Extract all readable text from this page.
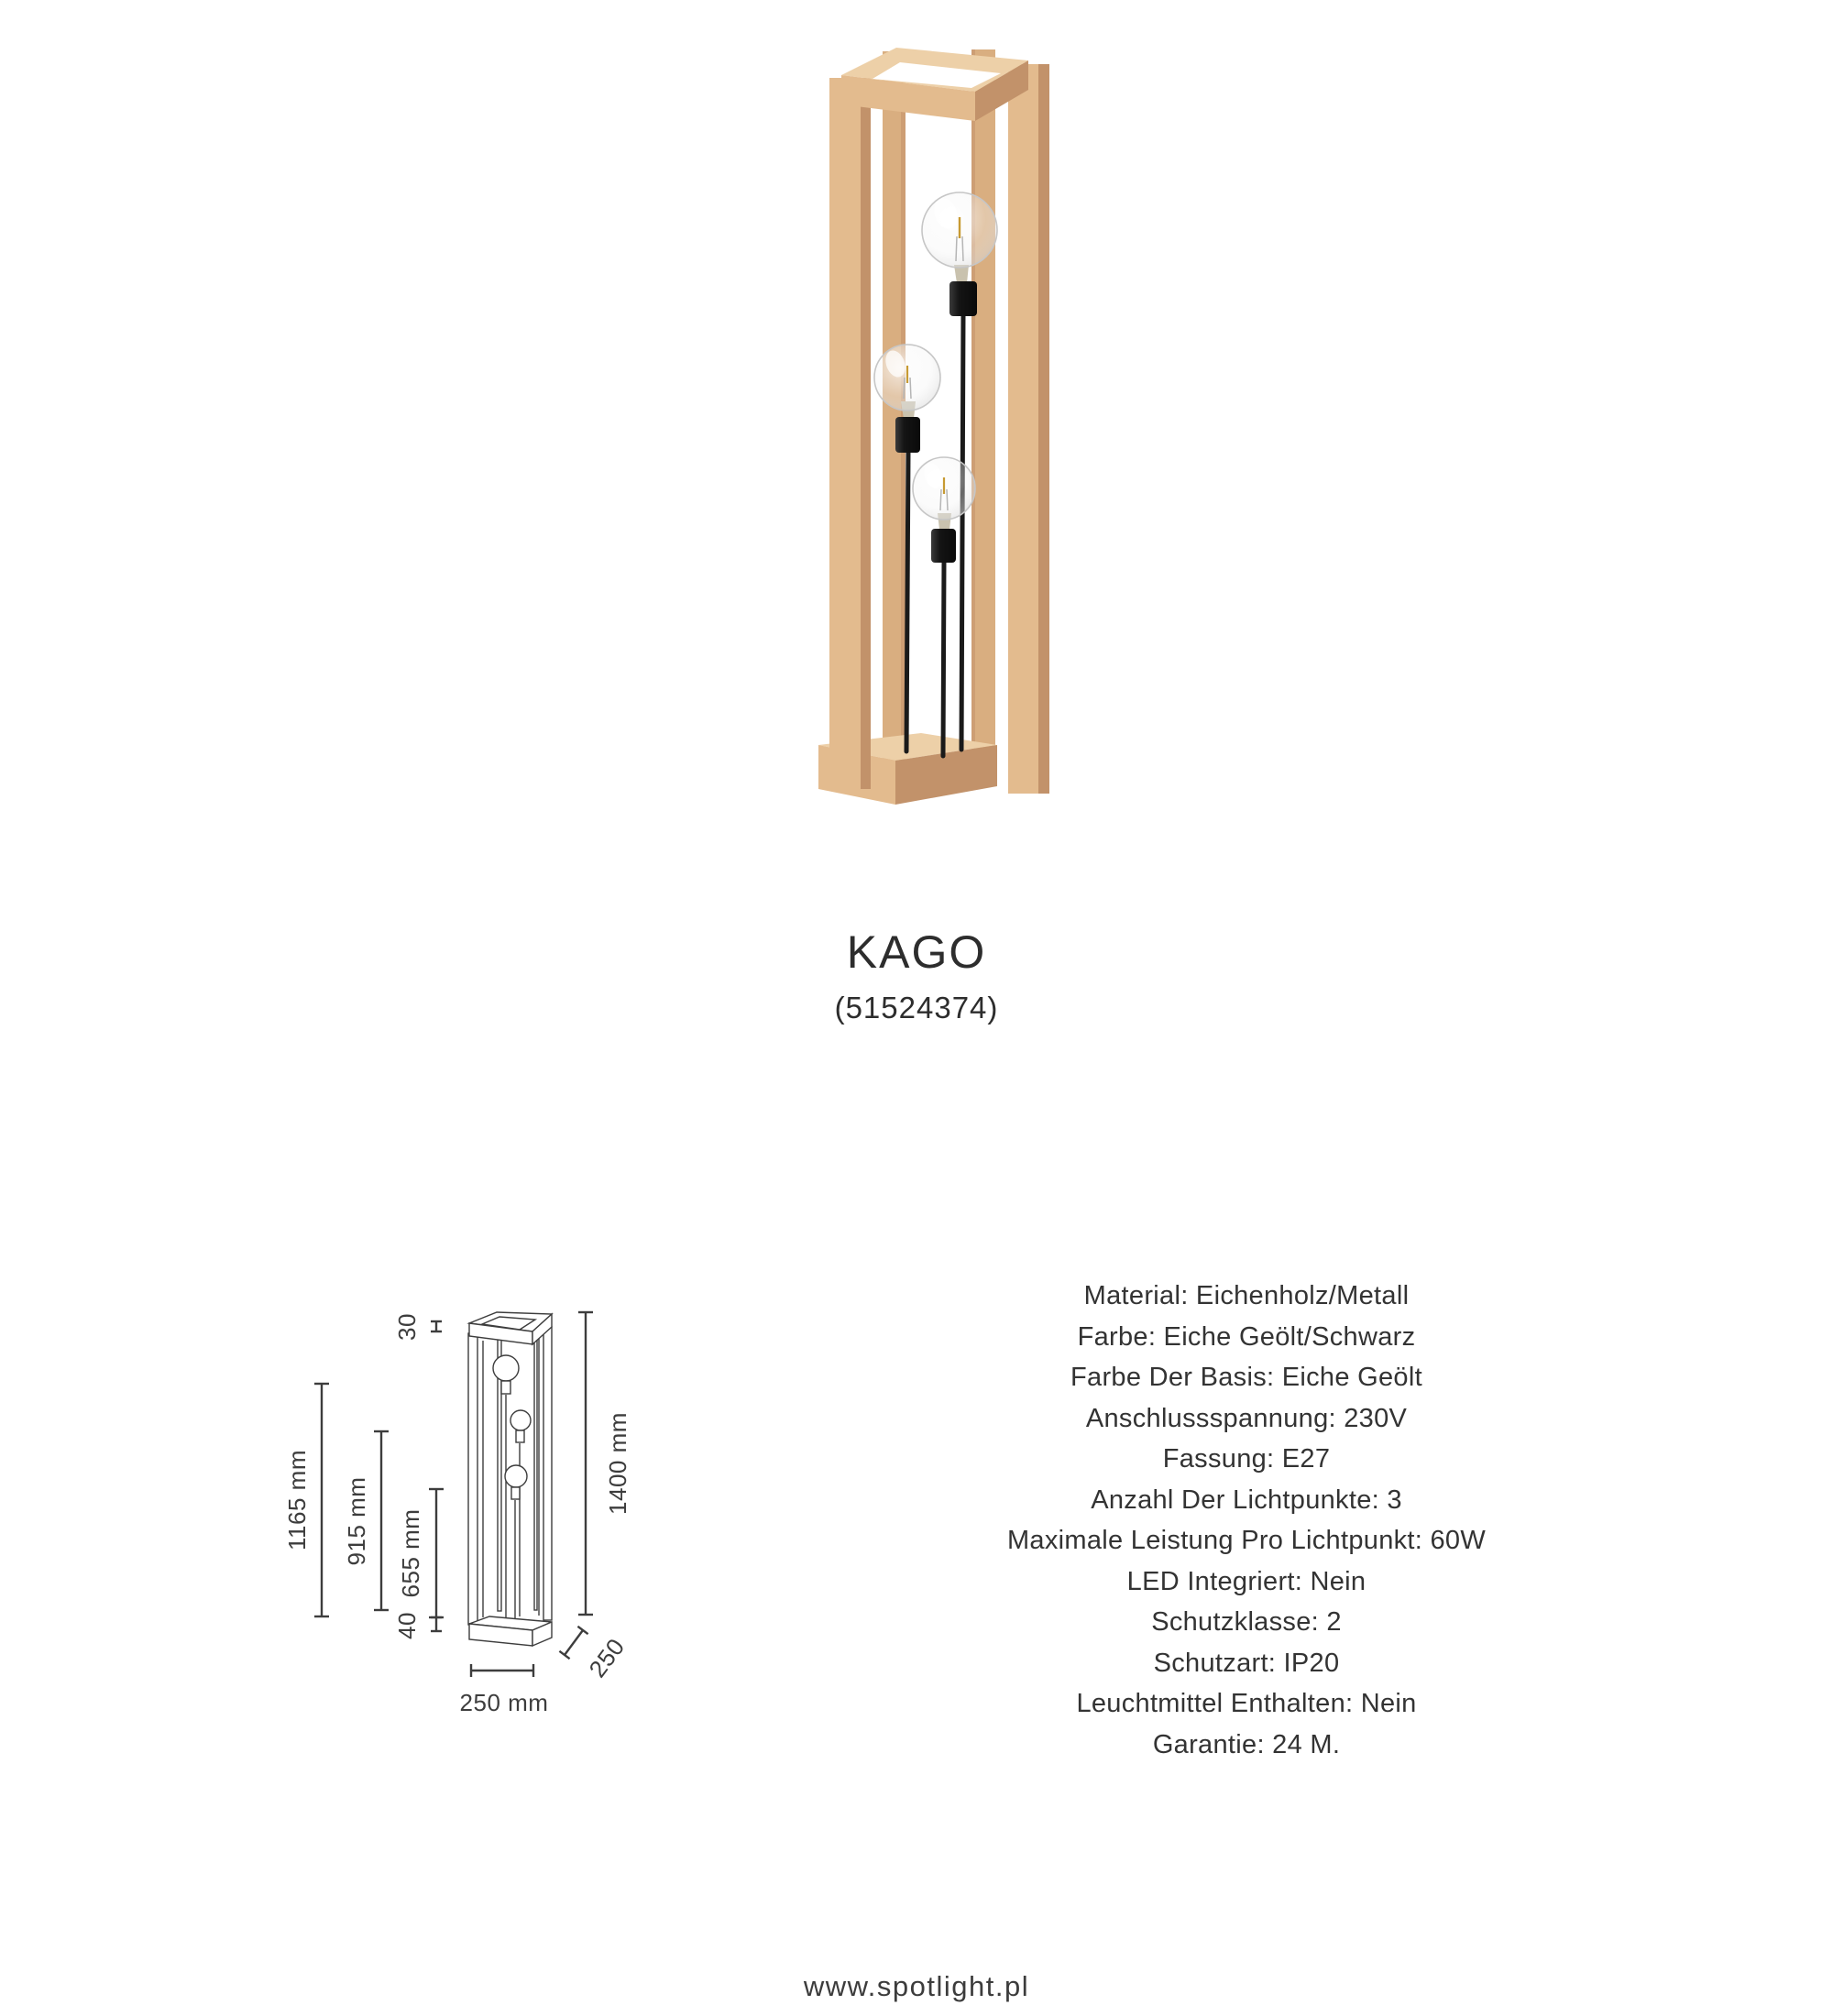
KAGO
(51524374)
1400 mm
1165 mm 915 mm 655 mm
30
40
250 mm
250
Material: Eichenholz/Metall
Farbe: Eiche Geölt/Schwarz
Farbe Der Basis: Eiche Geölt
Anschlussspannung: 230V
Fassung: E27
Anzahl Der Lichtpunkte: 3
Maximale Leistung Pro Lichtpunkt: 60W
LED Integriert: Nein
Schutzklasse: 2
Schutzart: IP20
Leuchtmittel Enthalten: Nein
Garantie: 24 M.
www.spotlight.pl
